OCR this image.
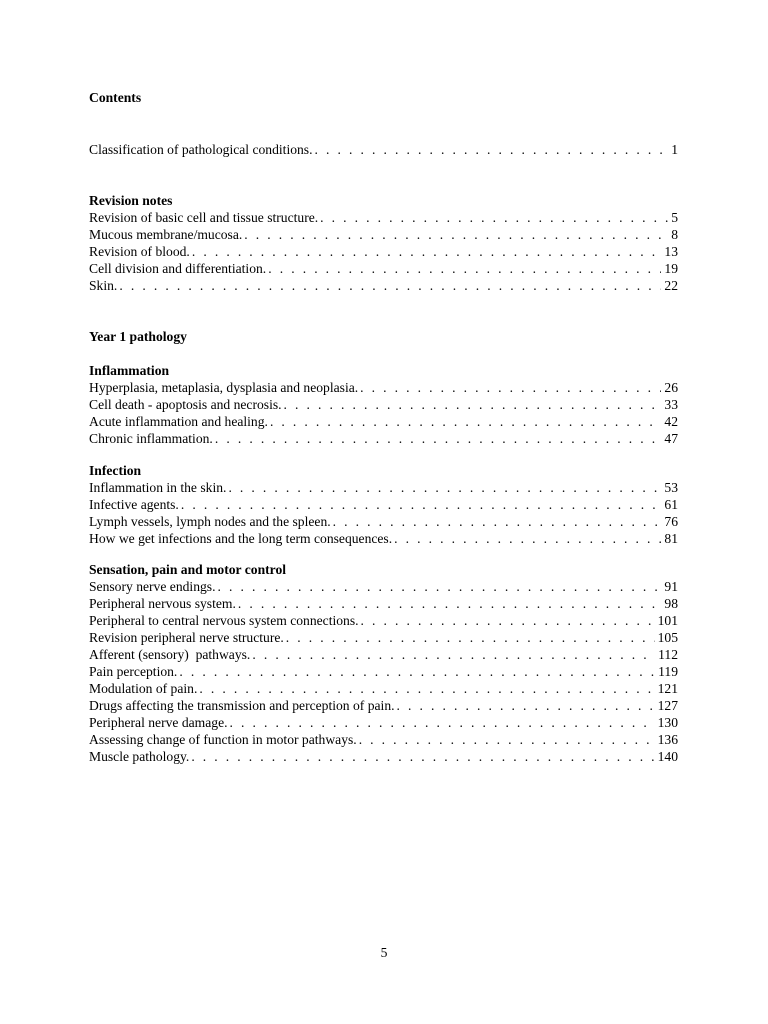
Contents
Classification of pathological conditions. . . .	1
Revision notes
Revision of basic cell and tissue structure. . . .	5
Mucous membrane/mucosa. . . .	8
Revision of blood. . . .	13
Cell division and differentiation. . . .	19
Skin. . . .	22
Year 1 pathology
Inflammation
Hyperplasia, metaplasia, dysplasia and neoplasia. . . .	26
Cell death - apoptosis and necrosis. . . .	33
Acute inflammation and healing. . . .	42
Chronic inflammation. . . .	47
Infection
Inflammation in the skin. . . .	53
Infective agents. . . .	61
Lymph vessels, lymph nodes and the spleen. . . .	76
How we get infections and the long term consequences. . . .	81
Sensation, pain and motor control
Sensory nerve endings. . . .	91
Peripheral nervous system. . . .	98
Peripheral to central nervous system connections. . . .	101
Revision peripheral nerve structure. . . .	105
Afferent (sensory)  pathways. . . .	112
Pain perception. . . .	119
Modulation of pain. . . .	121
Drugs affecting the transmission and perception of pain. . . .	127
Peripheral nerve damage. . . .	130
Assessing change of function in motor pathways. . . .	136
Muscle pathology. . . .	140
5
